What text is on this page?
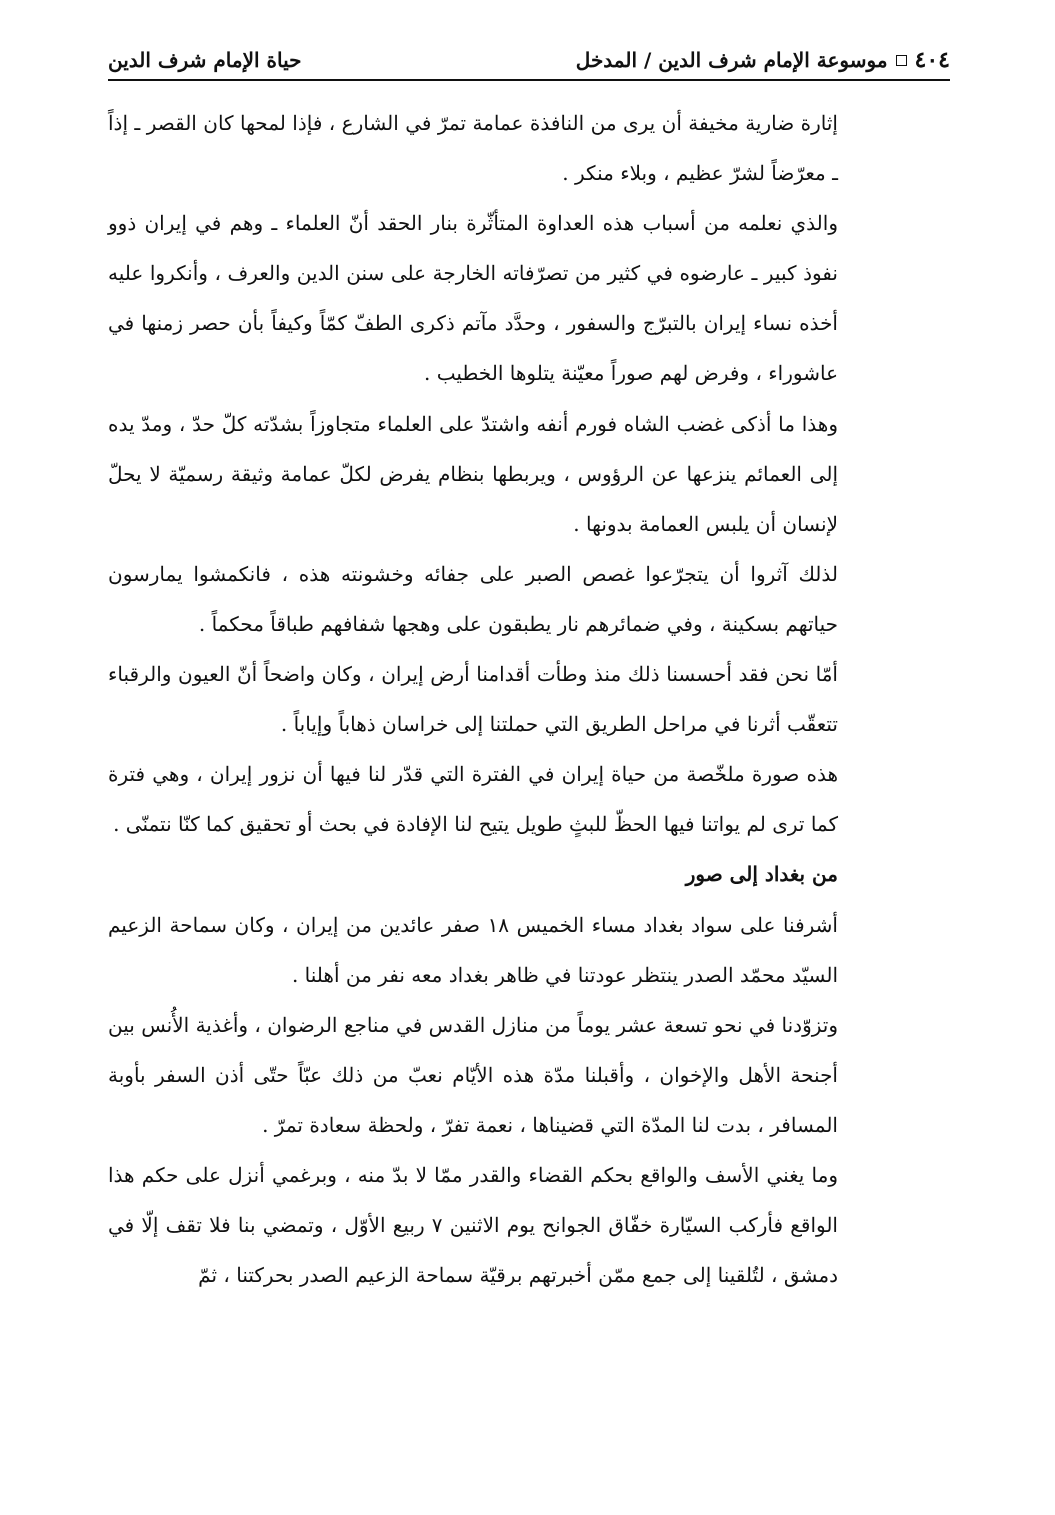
٤٠٤
موسوعة الإمام شرف الدين / المدخل
حياة الإمام شرف الدين

إثارة ضارية مخيفة أن يرى من النافذة عمامة تمرّ في الشارع ، فإذا لمحها كان القصر ـ إذاً ـ معرّضاً لشرّ عظيم ، وبلاء منكر .

والذي نعلمه من أسباب هذه العداوة المتأثّرة بنار الحقد أنّ العلماء ـ وهم في إيران ذوو نفوذ كبير ـ عارضوه في كثير من تصرّفاته الخارجة على سنن الدين والعرف ، وأنكروا عليه أخذه نساء إيران بالتبرّج والسفور ، وحدَّد مآتم ذكرى الطفّ كمّاً وكيفاً بأن حصر زمنها في عاشوراء ، وفرض لهم صوراً معيّنة يتلوها الخطيب .

وهذا ما أذكى غضب الشاه فورم أنفه واشتدّ على العلماء متجاوزاً بشدّته كلّ حدّ ، ومدّ يده إلى العمائم ينزعها عن الرؤوس ، ويربطها بنظام يفرض لكلّ عمامة وثيقة رسميّة لا يحلّ لإنسان أن يلبس العمامة بدونها .

لذلك آثروا أن يتجرّعوا غصص الصبر على جفائه وخشونته هذه ، فانكمشوا يمارسون حياتهم بسكينة ، وفي ضمائرهم نار يطبقون على وهجها شفافهم طباقاً محكماً .

أمّا نحن فقد أحسسنا ذلك منذ وطأت أقدامنا أرض إيران ، وكان واضحاً أنّ العيون والرقباء تتعقّب أثرنا في مراحل الطريق التي حملتنا إلى خراسان ذهاباً وإياباً .

هذه صورة ملخّصة من حياة إيران في الفترة التي قدّر لنا فيها أن نزور إيران ، وهي فترة كما ترى لم يواتنا فيها الحظّ للبثٍ طويل يتيح لنا الإفادة في بحث أو تحقيق كما كنّا نتمنّى .

من بغداد إلى صور

أشرفنا على سواد بغداد مساء الخميس ١٨ صفر عائدين من إيران ، وكان سماحة الزعيم السيّد محمّد الصدر ينتظر عودتنا في ظاهر بغداد معه نفر من أهلنا .

وتزوّدنا في نحو تسعة عشر يوماً من منازل القدس في مناجع الرضوان ، وأغذية الأُنس بين أجنحة الأهل والإخوان ، وأقبلنا مدّة هذه الأيّام نعبّ من ذلك عبّاً حتّى أذن السفر بأوبة المسافر ، بدت لنا المدّة التي قضيناها ، نعمة تفرّ ، ولحظة سعادة تمرّ .

وما يغني الأسف والواقع بحكم القضاء والقدر ممّا لا بدّ منه ، وبرغمي أنزل على حكم هذا الواقع فأركب السيّارة خفّاق الجوانح يوم الاثنين ٧ ربيع الأوّل ، وتمضي بنا فلا تقف إلّا في دمشق ، لتُلقينا إلى جمع ممّن أخبرتهم برقيّة سماحة الزعيم الصدر بحركتنا ، ثمّ
